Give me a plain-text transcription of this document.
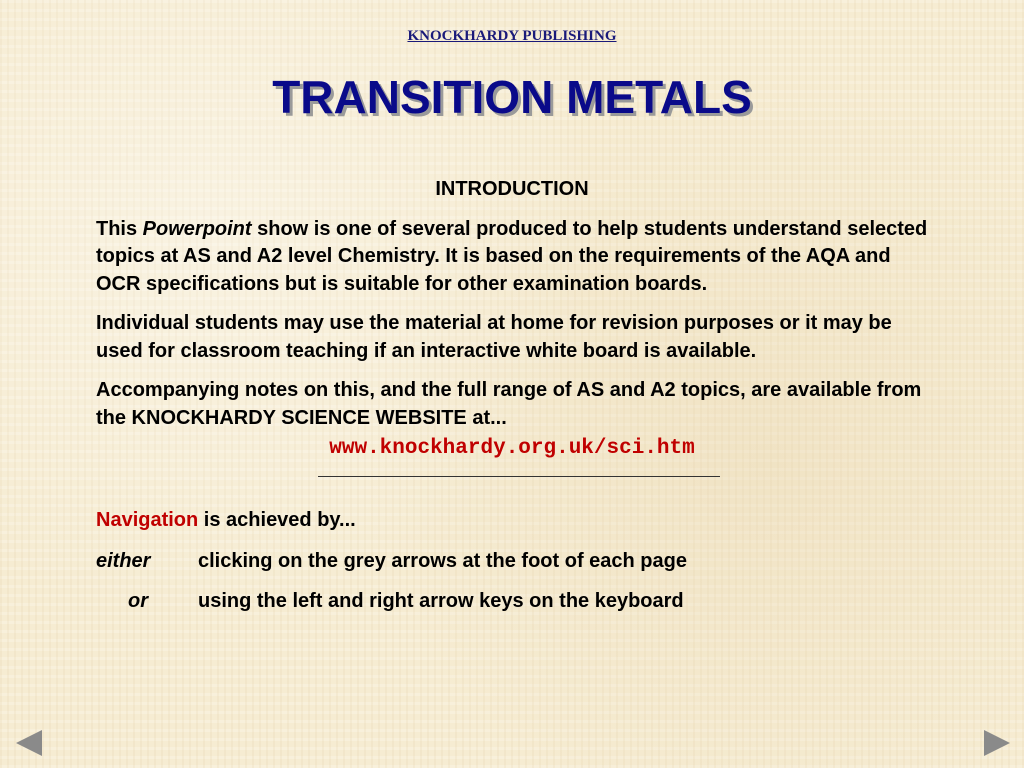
KNOCKHARDY PUBLISHING
TRANSITION METALS
INTRODUCTION
This Powerpoint show is one of several produced to help students understand selected topics at AS and A2 level Chemistry. It is based on the requirements of the AQA and OCR specifications but is suitable for other examination boards.
Individual students may use the material at home for revision purposes or it may be used for classroom teaching if an interactive white board is available.
Accompanying notes on this, and the full range of AS and A2 topics, are available from the KNOCKHARDY SCIENCE WEBSITE at...
www.knockhardy.org.uk/sci.htm
Navigation is achieved by...
either	clicking on the grey arrows at the foot of each page
or	using the left and right arrow keys on the keyboard
